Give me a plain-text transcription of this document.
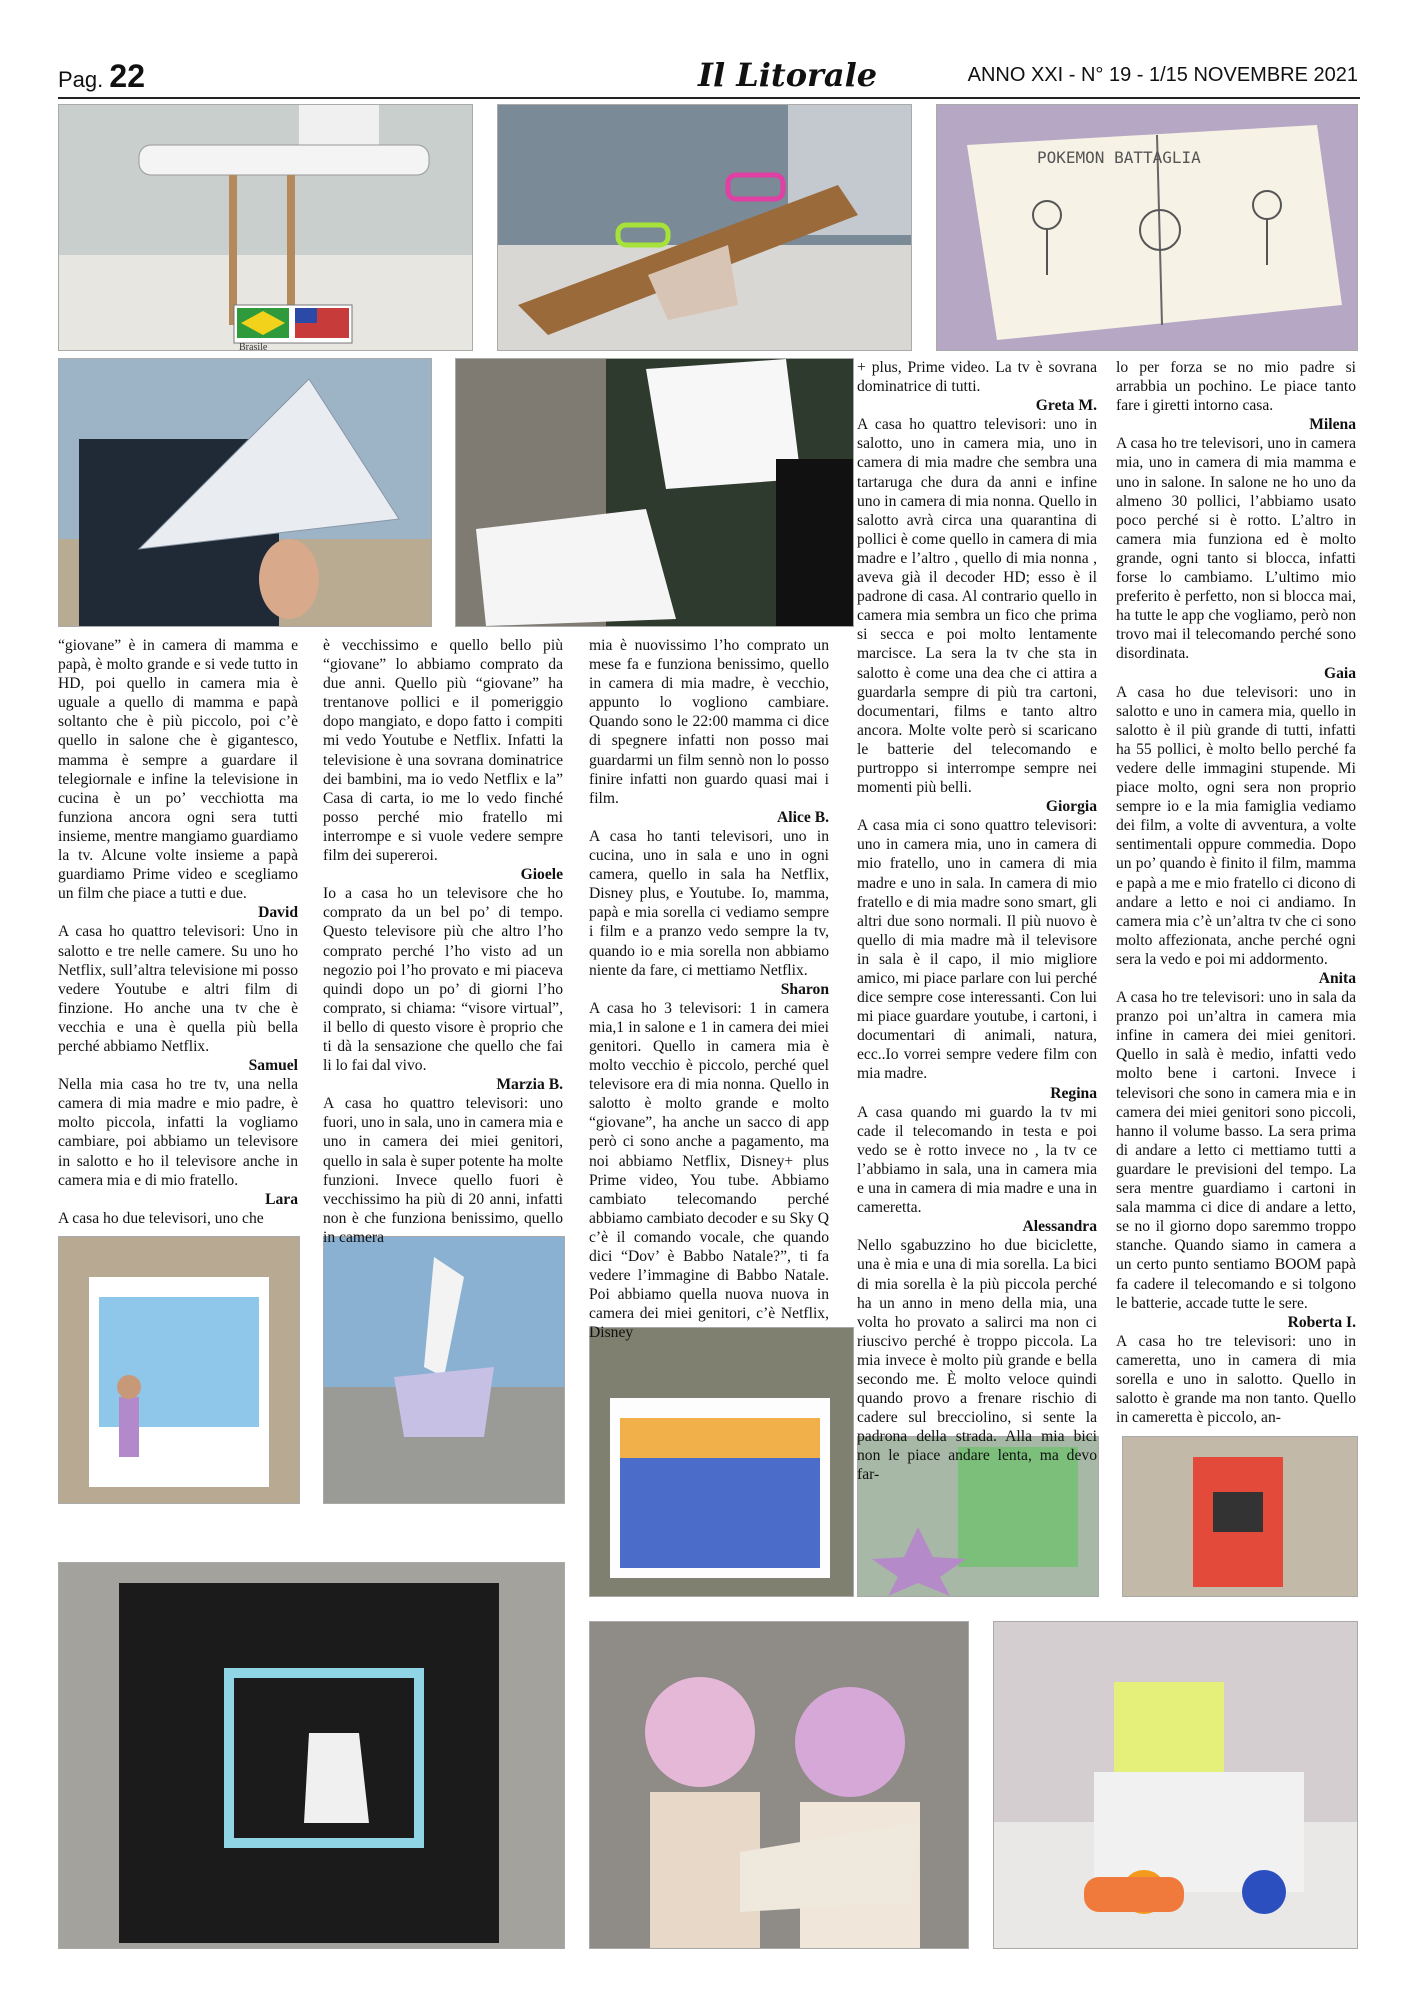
Pag. 22	Il Litorale	ANNO XXI - N° 19 - 1/15 NOVEMBRE 2021
Brasile
POKEMON BATTAGLIA

“giovane” è in camera di mamma e papà, è molto grande e si vede tutto in HD, poi quello in camera mia è uguale a quello di mamma e papà soltanto che è più piccolo, poi c’è quello in salone che è gigantesco, mamma è sempre a guardare il telegiornale e infine la televisione in cucina è un po’ vecchiotta ma funziona ancora ogni sera tutti insieme, mentre mangiamo guardiamo la tv. Alcune volte insieme a papà guardiamo Prime video e scegliamo un film che piace a tutti e due.

David

A casa ho quattro televisori: Uno in salotto e tre nelle camere. Su uno ho Netflix, sull’altra televisione mi posso vedere Youtube e altri film di finzione. Ho anche una tv che è vecchia e una è quella più bella perché abbiamo Netflix.

Samuel

Nella mia casa ho tre tv, una nella camera di mia madre e mio padre, è molto piccola, infatti la vogliamo cambiare, poi abbiamo un televisore in salotto e ho il televisore anche in camera mia e di mio fratello.

Lara

A casa ho due televisori, uno che

è vecchissimo e quello bello più “giovane” lo abbiamo comprato da due anni. Quello più “giovane” ha trentanove pollici e il pomeriggio dopo mangiato, e dopo fatto i compiti mi vedo Youtube e Netflix. Infatti la televisione è una sovrana dominatrice dei bambini, ma io vedo Netflix e la” Casa di carta, io me lo vedo finché posso perché mio fratello mi interrompe e si vuole vedere sempre film dei supereroi.

Gioele

Io a casa ho un televisore che ho comprato da un bel po’ di tempo. Questo televisore più che altro l’ho comprato perché l’ho visto ad un negozio poi l’ho provato e mi piaceva quindi dopo un po’ di giorni l’ho comprato, si chiama: “visore virtual”, il bello di questo visore è proprio che ti dà la sensazione che quello che fai li lo fai dal vivo.

Marzia B.

A casa ho quattro televisori: uno fuori, uno in sala, uno in camera mia e uno in camera dei miei genitori, quello in sala è super potente ha molte funzioni. Invece quello fuori è vecchissimo ha più di 20 anni, infatti non è che funziona benissimo, quello in camera

mia è nuovissimo l’ho comprato un mese fa e funziona benissimo, quello in camera di mia madre, è vecchio, appunto lo vogliono cambiare. Quando sono le 22:00 mamma ci dice di spegnere infatti non posso mai guardarmi un film sennò non lo posso finire infatti non guardo quasi mai i film.

Alice B.

A casa ho tanti televisori, uno in cucina, uno in sala e uno in ogni camera, quello in sala ha Netflix, Disney plus, e Youtube. Io, mamma, papà e mia sorella ci vediamo sempre i film e a pranzo vedo sempre la tv, quando io e mia sorella non abbiamo niente da fare, ci mettiamo Netflix.

Sharon

A casa ho 3 televisori: 1 in camera mia,1 in salone e 1 in camera dei miei genitori. Quello in camera mia è molto vecchio è piccolo, perché quel televisore era di mia nonna. Quello in salotto è molto grande e molto “giovane”, ha anche un sacco di app però ci sono anche a pagamento, ma noi abbiamo Netflix, Disney+ plus Prime video, You tube. Abbiamo cambiato telecomando perché abbiamo cambiato decoder e su Sky Q c’è il comando vocale, che quando dici “Dov’ è Babbo Natale?”, ti fa vedere l’immagine di Babbo Natale. Poi abbiamo quella nuova nuova in camera dei miei genitori, c’è Netflix, Disney

+ plus, Prime video. La tv è sovrana dominatrice di tutti.

Greta M.

A casa ho quattro televisori: uno in salotto, uno in camera mia, uno in camera di mia madre che sembra una tartaruga che dura da anni e infine uno in camera di mia nonna. Quello in salotto avrà circa una quarantina di pollici è come quello in camera di mia madre e l’altro , quello di mia nonna , aveva già il decoder HD; esso è il padrone di casa. Al contrario quello in camera mia sembra un fico che prima si secca e poi molto lentamente marcisce. La sera la tv che sta in salotto è come una dea che ci attira a guardarla sempre di più tra cartoni, documentari, films e tanto altro ancora. Molte volte però si scaricano le batterie del telecomando e purtroppo si interrompe sempre nei momenti più belli.

Giorgia

A casa mia ci sono quattro televisori: uno in camera mia, uno in camera di mio fratello, uno in camera di mia madre e uno in sala. In camera di mio fratello e di mia madre sono smart, gli altri due sono normali. Il più nuovo è quello di mia madre mà il televisore in sala è il capo, il mio migliore amico, mi piace parlare con lui perché dice sempre cose interessanti. Con lui mi piace guardare youtube, i cartoni, i documentari di animali, natura, ecc..Io vorrei sempre vedere film con mia madre.

Regina

A casa quando mi guardo la tv mi cade il telecomando in testa e poi vedo se è rotto invece no , la tv ce l’abbiamo in sala, una in camera mia e una in camera di mia madre e una in cameretta.

Alessandra

Nello sgabuzzino ho due biciclette, una è mia e una di mia sorella. La bici di mia sorella è la più piccola perché ha un anno in meno della mia, una volta ho provato a salirci ma non ci riuscivo perché è troppo piccola. La mia invece è molto più grande e bella secondo me. È molto veloce quindi quando provo a frenare rischio di cadere sul brecciolino, si sente la padrona della strada. Alla mia bici non le piace andare lenta, ma devo far-

lo per forza se no mio padre si arrabbia un pochino. Le piace tanto fare i giretti intorno casa.

Milena

A casa ho tre televisori, uno in camera mia, uno in camera di mia mamma e uno in salone. In salone ne ho uno da almeno 30 pollici, l’abbiamo usato poco perché si è rotto. L’altro in camera mia funziona ed è molto grande, ogni tanto si blocca, infatti forse lo cambiamo. L’ultimo mio preferito è perfetto, non si blocca mai, ha tutte le app che vogliamo, però non trovo mai il telecomando perché sono disordinata.

Gaia

A casa ho due televisori: uno in salotto e uno in camera mia, quello in salotto è il più grande di tutti, infatti ha 55 pollici, è molto bello perché fa vedere delle immagini stupende. Mi piace molto, ogni sera non proprio sempre io e la mia famiglia vediamo dei film, a volte di avventura, a volte sentimentali oppure commedia. Dopo un po’ quando è finito il film, mamma e papà a me e mio fratello ci dicono di andare a letto e noi ci andiamo. In camera mia c’è un’altra tv che ci sono molto affezionata, anche perché ogni sera la vedo e poi mi addormento.

Anita

A casa ho tre televisori: uno in sala da pranzo poi un’altra in camera mia infine in camera dei miei genitori. Quello in salà è medio, infatti vedo molto bene i cartoni. Invece i televisori che sono in camera mia e in camera dei miei genitori sono piccoli, hanno il volume basso. La sera prima di andare a letto ci mettiamo tutti a guardare le previsioni del tempo. La sera mentre guardiamo i cartoni in sala mamma ci dice di andare a letto, se no il giorno dopo saremmo troppo stanche. Quando siamo in camera a un certo punto sentiamo BOOM papà fa cadere il telecomando e si tolgono le batterie, accade tutte le sere.

Roberta I.

A casa ho tre televisori: uno in cameretta, uno in camera di mia sorella e uno in salotto. Quello in salotto è grande ma non tanto. Quello in cameretta è piccolo, an-
